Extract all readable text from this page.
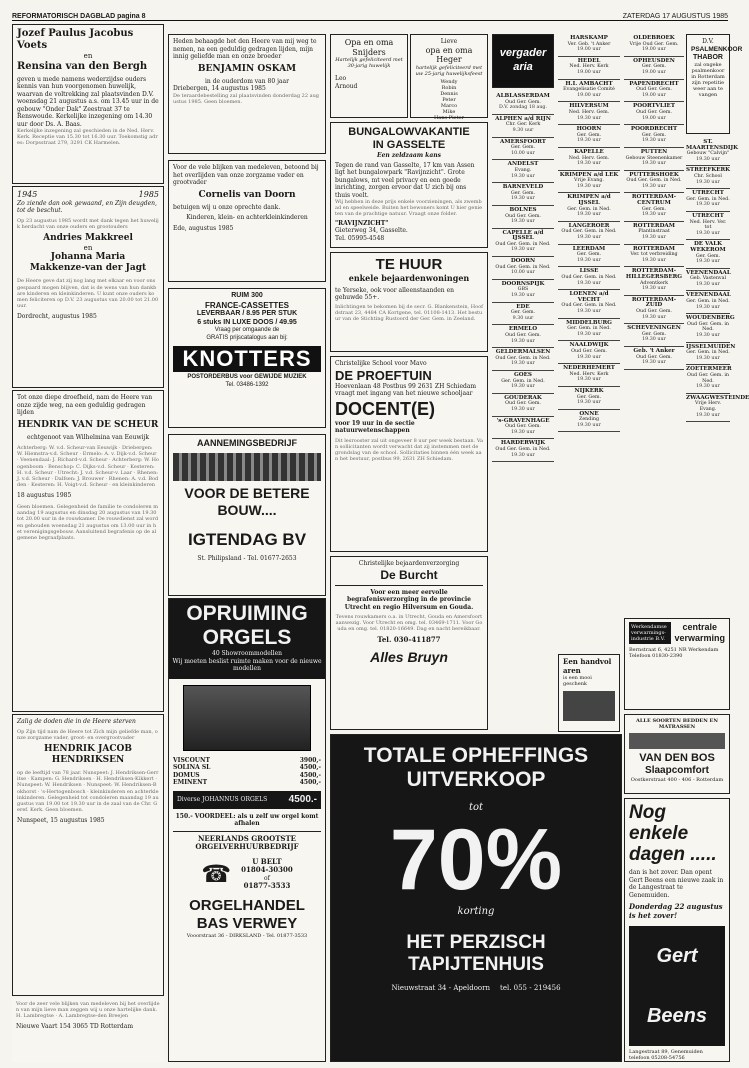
REFORMATORISCH DAGBLAD pagina 8	ZATERDAG 17 AUGUSTUS 1985
Jozef Paulus Jacobus Voets
en
Rensina van den Bergh
geven u mede namens wederzijdse ouders kennis van hun voorgenomen huwelijk, waarvan de voltrekking zal plaatsvinden D.V. woensdag 21 augustus a.s. om 13.45 uur in de gebouw "Onder Dak" Zeestraat 37 te Renswoude. Kerkelijke inzegening om 14.30 uur door Ds. A. Baas.
Kerkelijke inzegening zal geschieden in de Ned. Herv. Kerk. Receptie van 15.30 tot 16.30 uur. Toekomstig adres: Dorpsstraat 279, 3291 CK Harmelen.
1945	1985
Zo ziende dan ook gewaand, en Zijn deugden, tot de beschut.
Op 23 augustus 1985 wordt met dank tegen het huwelijk herdacht van onze ouders en grootouders
Andries Makkreel
en
Johanna Maria
Makkenze-van der Jagt
De Heere geve dat zij nog lang met elkaar en voor ons gespaard mogen blijven, dat is de wens van hun dankbare kinderen en kleinkinderen. U kunt onze ouders komen feliciteren op D.V. 23 augustus van 20.00 tot 21.00 uur.
Dordrecht, augustus 1985
Tot onze diepe droefheid, nam de Heere van onze zijde weg, na een geduldig gedragen lijden
HENDRIK VAN DE SCHEUR
echtgenoot van Wilhelmina van Eeuwijk
Achterberg: W. v.d. Scheur-van Eeuwijk · Driebergen: W. Hiemstra-v.d. Scheur · Ermelo: A. v. Dijk-v.d. Scheur · Veenendaal: J. Richard-v.d. Scheur · Achterberg: W. Hoogenboom · Benschop: C. Dijks-v.d. Scheur · Kesteren: H. v.d. Scheur · Utrecht: J. v.d. Scheur-v. Laar · Rhenen: J. v.d. Scheur · Dalfsen: J. Brouwer · Rhenen: A. v.d. Bodden · Kesteren: H. Voigt-v.d. Scheur · en kleinkinderen
18 augustus 1985
Geen bloemen. Gelegenheid de familie te condoleren maandag 19 augustus en dinsdag 20 augustus van 19.30 tot 20.00 uur in de rouwkamer. De rouwdienst zal worden gehouden woensdag 21 augustus om 13.00 uur in het verenigingsgebouw. Aansluitend begrafenis op de algemene begraafplaats.
Zalig de doden die in de Heere sterven
Op Zijn tijd nam de Heere tot Zich mijn geliefde man, onze zorgzame vader, groot- en overgrootvader
HENDRIK JACOB HENDRIKSEN
op de leeftijd van 78 jaar. Nunspeet: J. Hendriksen-Gerritse · Kampen: G. Hendriksen · H. Hendriksen-Kikkert · Nunspeet: W. Hendriksen · Nunspeet: W. Hendriksen-Bokhorst · 's-Hertogenbosch · kleinkinderen en achterkleinkinderen. Gelegenheid tot condoleren maandag 19 augustus van 19.00 tot 19.30 uur in de zaal van de Chr. Geref. Kerk. Geen bloemen.
Nunspeet, 15 augustus 1985
Voor de zeer vele blijken van medeleven bij het overlijden van mijn lieve man zeggen wij u onze hartelijke dank. H. Lambregtse · A. Lambregtse-den Breejen
Nieuwe Vaart 154 3065 TD Rotterdam
Heden behaagde het den Heere van mij weg te nemen, na een geduldig gedragen lijden, mijn innig geliefde man en onze broeder
BENJAMIN OSKAM
in de ouderdom van 80 jaar
Driebergen, 14 augustus 1985
De teraardebestelling zal plaatsvinden donderdag 22 augustus 1985. Geen bloemen.
Voor de vele blijken van medeleven, betoond bij het overlijden van onze zorgzame vader en grootvader
Cornelis van Doorn
betuigen wij u onze oprechte dank.
Kinderen, klein- en achterkleinkinderen
Ede, augustus 1985
RUIM 300
FRANCE-CASSETTES
LEVERBAAR / 8.95 PER STUK
6 stuks IN LUXE DOOS / 49.95
Vraag per omgaande de
GRATIS prijscatalogus aan bij:
KNOTTERS
POSTORDERBUS voor GEWIJDE MUZIEK
Tel. 03486-1392
AANNEMINGSBEDRIJF
VOOR DE BETERE
BOUW....
IGTENDAG BV
St. Philipsland - Tel. 01677-2653
OPRUIMING
ORGELS
40 Showroommodellen
Wij moeten beslist ruimte maken voor de nieuwe modellen
VISCOUNT	3900,-
SOLINA SL	4500,-
DOMUS	4500,-
EMINENT	4500,-
Diverse JOHANNUS ORGELS 4500.-
150.- VOORDEEL: als u zelf uw orgel komt afhalen
NEERLANDS GROOTSTE ORGELVERHUURBEDRIJF
☎	U BELT
01804-30300
of
01877-3533
ORGELHANDEL
BAS VERWEY
Vooorstraat 36 - DIRKSLAND - Tel. 01877-3533
Opa en oma
Snijders
Hartelijk gefeliciteerd met 30-jarig huwelijk
Leo
Arnoud
Lieve
opa en oma Heger
hartelijk gefeliciteerd met uw 25-jarig huwelijksfeest
Wendy
Robin
Dennis
Peter
Marco
Mike
Hans Pieter
BUNGALOWVAKANTIE
IN GASSELTE
Een zeldzaam kans
Tegen de rand van Gasselte, 17 km van Assen ligt het bungalowpark "Ravijnzicht". Grote bungalows, mt veel privacy en een goede inrichting, zorgen ervoor dat U zich bij ons thuis voelt.
Wij hebben in deze prijs enkele voorzieningen, als zwembad en speelweide. Buiten het bewoners komt U hier genieten van de prachtige natuur. Vraagt onze folder.
"RAVIJNZICHT"
Gieterweg 34, Gasselte.
Tel. 05995-4548
TE HUUR
enkele bejaardenwoningen
te Yerseke, ook voor alleenstaanden en gehuwde 55+.
Inlichtingen te bekomen bij de secr. G. Blankenstein, Hoofdstraat 23, 4484 CA Kortgene, tel. 01108-1413. Het bestuur van de Stichting Rustoord der Ger. Gem. in Zeeland.
Christelijke School voor Mavo
DE PROEFTUIN
Hoevenlaan 48 Postbus 99 2631 ZH Schiedam
vraagt met ingang van het nieuwe schooljaar
DOCENT(E)
voor 19 uur in de sectie natuurwetenschappen
Dit lesrooster zal uit ongeveer 8 uur per week bestaan. Van sollicitanten wordt verwacht dat zij instemmen met de grondslag van de school. Sollicitaties binnen één week aan het bestuur, postbus 99, 2631 ZH Schiedam.
Christelijke bejaardenverzorging
De Burcht
Voor een meer eervolle begrafenisverzorging in de provincie Utrecht en regio Hilversum en Gouda.
Tevens rouwkamers o.a. in Utrecht, Gouda en Amersfoort aanwezig. Voor Utrecht en omg. tel. 03469-1711. Voor Gouda en omg. tel. 01820-16649. Dag en nacht bereikbaar.
Tel. 030-411877
Alles Bruyn
TOTALE OPHEFFINGS
UITVERKOOP
tot
70%
korting
HET PERZISCH
TAPIJTENHUIS
Nieuwstraat 34 - Apeldoorn tel. 055 - 219456
vergader
aria
ALBLASSERDAM
Oud Ger. Gem.
D.V. zondag 18 aug.
ALPHEN a/d RIJN
Chr. Ger. Kerk
9.30 uur
AMERSFOORT
Ger. Gem.
10.00 uur
ANDELST
Evang.
19.30 uur
BARNEVELD
Ger. Gem.
19.30 uur
BOLNES
Oud Ger. Gem.
19.30 uur
CAPELLE a/d IJSSEL
Oud Ger. Gem. in Ned.
19.30 uur
DOORN
Oud Ger. Gem. in Ned.
10.00 uur
DOORNSPIJK
GBS
19.30 uur
EDE
Ger. Gem.
9.30 uur
ERMELO
Oud Ger. Gem.
19.30 uur
GELDERMALSEN
Oud Ger. Gem. in Ned.
19.30 uur
GOES
Ger. Gem. in Ned.
19.30 uur
GOUDERAK
Oud Ger. Gem.
19.30 uur
's-GRAVENHAGE
Oud Ger. Gem.
19.30 uur
HARDERWIJK
Oud Ger. Gem. in Ned.
19.30 uur
HARSKAMP
Ver. Geb. 't Anker
19.00 uur
HEDEL
Ned. Herv. Kerk
19.00 uur
H.I. AMBACHT
Evangelisatie Comité
19.00 uur
HILVERSUM
Ned. Herv. Gem.
19.30 uur
HOORN
Ger. Gem.
19.30 uur
KAPELLE
Ned. Herv. Gem.
19.30 uur
KRIMPEN a/d LEK
Vrije Evang.
19.30 uur
KRIMPEN a/d IJSSEL
Ger. Gem. in Ned.
19.30 uur
LANGEROER
Oud Ger. Gem. in Ned.
19.30 uur
LEERDAM
Ger. Gem.
19.30 uur
LISSE
Oud Ger. Gem. in Ned.
19.30 uur
LOENEN a/d VECHT
Oud Ger. Gem. in Ned.
19.30 uur
MIDDELBURG
Ger. Gem. in Ned.
19.30 uur
NAALDWIJK
Oud Ger. Gem.
19.30 uur
NEDERHEMERT
Ned. Herv. Kerk
19.30 uur
NIJKERK
Ger. Gem.
19.30 uur
ONNE
Zending
19.30 uur
Een handvol aren
is een mooi geschenk
OLDEBROEK
Vrije Oud Ger. Gem.
19.00 uur
OPHEUSDEN
Ger. Gem.
19.00 uur
PAPENDRECHT
Oud Ger. Gem.
19.00 uur
POORTVLIET
Oud Ger. Gem.
19.00 uur
POORDRECHT
Ger. Gem.
19.30 uur
PUTTEN
Gebouw Steenenkamer
19.30 uur
PUTTERSHOEK
Oud Ger. Gem. in Ned.
19.30 uur
ROTTERDAM-CENTRUM
Ger. Gem.
19.30 uur
ROTTERDAM
Plantinstraat
19.30 uur
ROTTERDAM
Ver. tot verbreiding
19.30 uur
ROTTERDAM-HILLEGERSBERG
Adventkerk
19.30 uur
ROTTERDAM-ZUID
Oud Ger. Gem.
19.30 uur
SCHEVENINGEN
Ger. Gem.
19.30 uur
Geb. 't Anker
Oud Ger. Gem.
19.30 uur
D.V.
PSALMENKOOR
THABOR
zal ongeke psalmenkoor in Rotterdam zijn repetitie weer aan te vangen
ST. MAARTENSDIJK
Gebouw "Calvijn"
19.30 uur
STREEFKERK
Chr. School
19.30 uur
UTRECHT
Ger. Gem. in Ned.
19.30 uur
UTRECHT
Ned. Herv. Ver. tot
19.30 uur
DE VALK WEKEROM
Ger. Gem.
19.30 uur
VEENENDAAL
Geb. Vastenval
19.30 uur
VEENENDAAL
Ger. Gem. in Ned.
19.30 uur
WOUDENBERG
Oud Ger. Gem. in Ned.
19.30 uur
IJSSELMUIDEN
Ger. Gem. in Ned.
19.30 uur
ZOETERMEER
Oud Ger. Gem. in Ned.
19.30 uur
ZWAAGWESTEINDE
Vrije Herv. Evang.
19.30 uur
Werkendamse verwarmings- industrie B.V.
centrale
verwarming
Bernstraat 6, 4251 NR Werkendam
Telefoon 01830-2390
ALLE SOORTEN BEDDEN EN MATRASSEN
VAN DEN BOS
Slaapcomfort
Oostkerstraat 400 - 406 - Rotterdam
Nog enkele
dagen .....
dan is het zover. Dan opent Gert Beens een nieuwe zaak in de Langestraat te Genemuiden.
Donderdag 22 augustus is het zover!
Gert Beens
Langestraat 89, Genemuiden telefoon 05208-54756
